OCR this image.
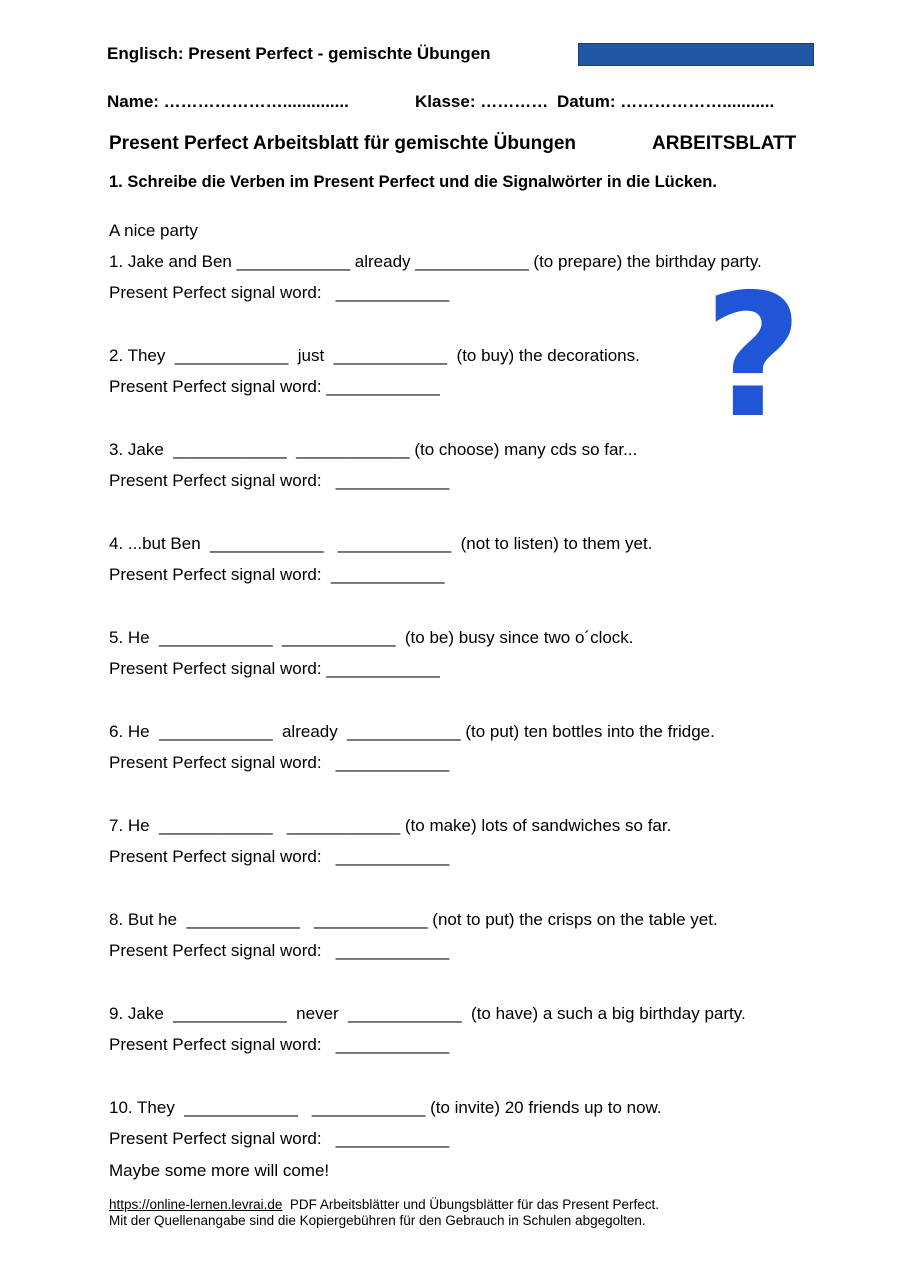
Englisch: Present Perfect - gemischte Übungen

https://levrai.de

Name: …………………..............	Klasse: ………… Datum: ………………...........
Present Perfect Arbeitsblatt für gemischte Übungen	ARBEITSBLATT
1. Schreibe die Verben im Present Perfect und die Signalwörter in die Lücken.
A nice party
1. Jake and Ben ____________ already ____________ (to prepare) the birthday party.
Present Perfect signal word:   ____________
2. They  ____________  just  ____________  (to buy) the decorations.
Present Perfect signal word: ____________
3. Jake  ____________  ____________ (to choose) many cds so far...
Present Perfect signal word:   ____________
4. ...but Ben  ____________   ____________  (not to listen) to them yet.
Present Perfect signal word:  ____________
5. He  ____________  ____________  (to be) busy since two o´clock.
Present Perfect signal word: ____________
6. He  ____________  already  ____________ (to put) ten bottles into the fridge.
Present Perfect signal word:   ____________
7. He  ____________   ____________ (to make) lots of sandwiches so far.
Present Perfect signal word:   ____________
8. But he  ____________   ____________ (not to put) the crisps on the table yet.
Present Perfect signal word:   ____________
9. Jake  ____________  never  ____________  (to have) a such a big birthday party.
Present Perfect signal word:   ____________
10. They  ____________   ____________ (to invite) 20 friends up to now.
Present Perfect signal word:   ____________
?
Maybe some more will come!
https://online-lernen.levrai.de  PDF Arbeitsblätter und Übungsblätter für das Present Perfect.
Mit der Quellenangabe sind die Kopiergebühren für den Gebrauch in Schulen abgegolten.
